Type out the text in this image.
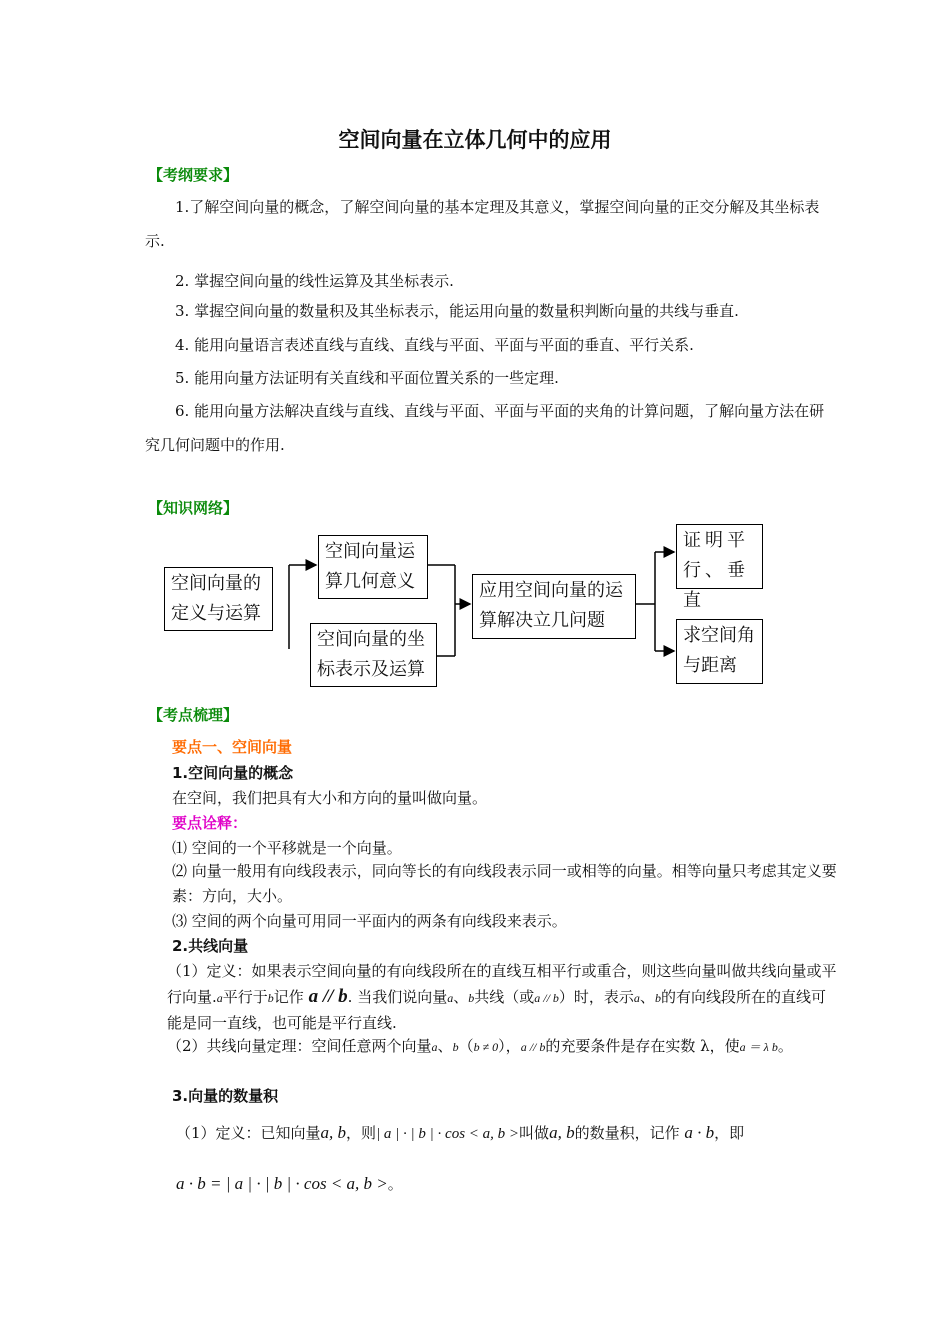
空间向量在立体几何中的应用
【考纲要求】
1.了解空间向量的概念，了解空间向量的基本定理及其意义，掌握空间向量的正交分解及其坐标表示.
2. 掌握空间向量的线性运算及其坐标表示.
3. 掌握空间向量的数量积及其坐标表示，能运用向量的数量积判断向量的共线与垂直.
4. 能用向量语言表述直线与直线、直线与平面、平面与平面的垂直、平行关系.
5. 能用向量方法证明有关直线和平面位置关系的一些定理.
6. 能用向量方法解决直线与直线、直线与平面、平面与平面的夹角的计算问题，了解向量方法在研究几何问题中的作用.
【知识网络】
空间向量的定义与运算
空间向量运算几何意义
空间向量的坐标表示及运算
应用空间向量的运算解决立几问题
证明平行、垂直
求空间角与距离
【考点梳理】
要点一、空间向量
1.空间向量的概念
在空间，我们把具有大小和方向的量叫做向量。
要点诠释：
⑴ 空间的一个平移就是一个向量。
⑵ 向量一般用有向线段表示，同向等长的有向线段表示同一或相等的向量。相等向量只考虑其定义要素：方向，大小。
⑶ 空间的两个向量可用同一平面内的两条有向线段来表示。
2.共线向量
（1）定义：如果表示空间向量的有向线段所在的直线互相平行或重合，则这些向量叫做共线向量或平行向量.a平行于b记作 a // b. 当我们说向量a、b共线（或a // b）时，表示a、b的有向线段所在的直线可能是同一直线，也可能是平行直线.
（2）共线向量定理：空间任意两个向量a、b（b ≠ 0），a // b的充要条件是存在实数 λ，使a ＝ λ b。
3.向量的数量积
（1）定义：已知向量a, b，则| a | · | b | · cos < a, b >叫做a, b的数量积，记作 a · b，即
a · b = | a | · | b | · cos < a, b >。
